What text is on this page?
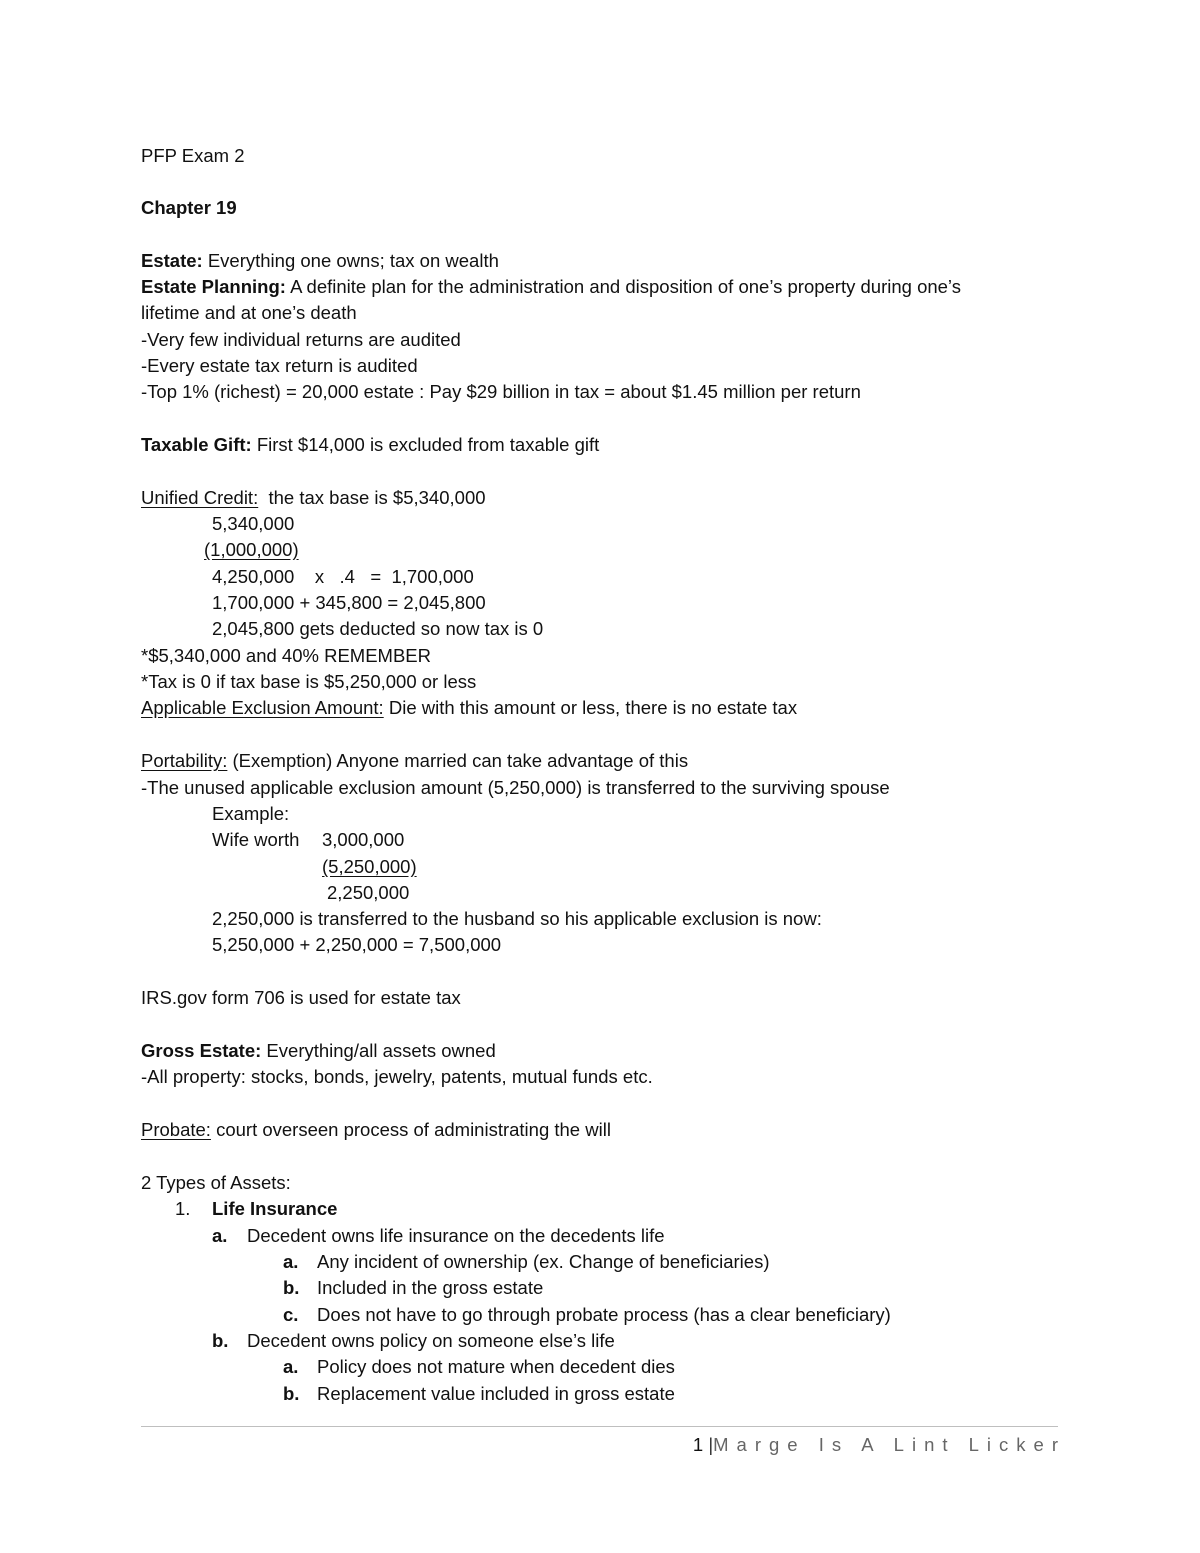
PFP Exam 2
Chapter 19
Estate: Everything one owns; tax on wealth
Estate Planning: A definite plan for the administration and disposition of one’s property during one’s
lifetime and at one’s death
-Very few individual returns are audited
-Every estate tax return is audited
-Top 1% (richest) = 20,000 estate : Pay $29 billion in tax = about $1.45 million per return
Taxable Gift: First $14,000 is excluded from taxable gift
Unified Credit:  the tax base is $5,340,000
5,340,000
(1,000,000)
4,250,000    x   .4   =  1,700,000
1,700,000 + 345,800 = 2,045,800
2,045,800 gets deducted so now tax is 0
*$5,340,000 and 40% REMEMBER
*Tax is 0 if tax base is $5,250,000 or less
Applicable Exclusion Amount: Die with this amount or less, there is no estate tax
Portability: (Exemption) Anyone married can take advantage of this
-The unused applicable exclusion amount (5,250,000) is transferred to the surviving spouse
Example:
Wife worth 3,000,000
(5,250,000)
2,250,000
2,250,000 is transferred to the husband so his applicable exclusion is now:
5,250,000 + 2,250,000 = 7,500,000
IRS.gov form 706 is used for estate tax
Gross Estate: Everything/all assets owned
-All property: stocks, bonds, jewelry, patents, mutual funds etc.
Probate: court overseen process of administrating the will
2 Types of Assets:
1. Life Insurance
a. Decedent owns life insurance on the decedents life
a. Any incident of ownership (ex. Change of beneficiaries)
b. Included in the gross estate
c. Does not have to go through probate process (has a clear beneficiary)
b. Decedent owns policy on someone else’s life
a. Policy does not mature when decedent dies
b. Replacement value included in gross estate
1 |Marge Is A Lint Licker
